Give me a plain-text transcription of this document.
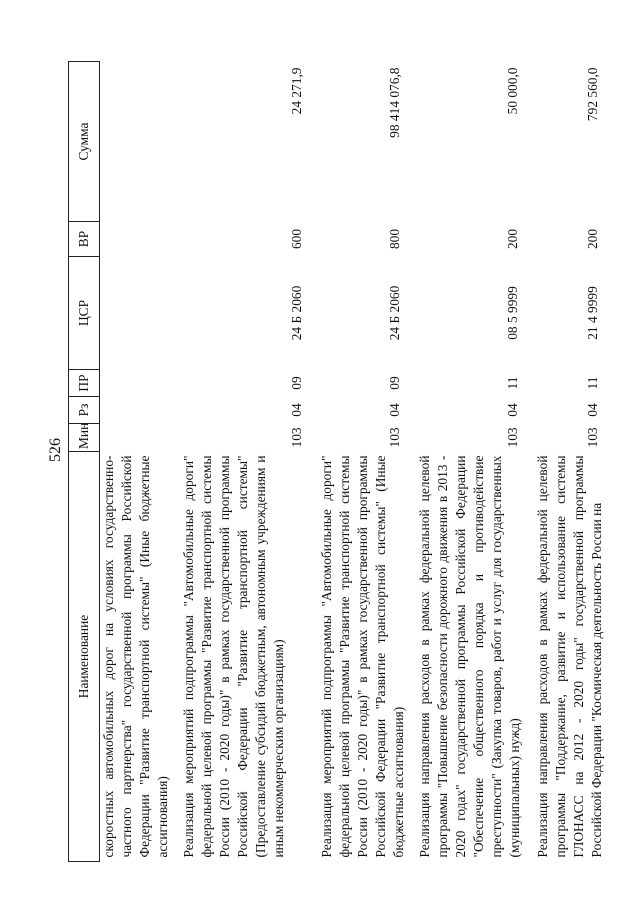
526
Наименование	Мин	Рз	ПР	ЦСР	ВР	Сумма
скоростных автомобильных дорог на условиях государственно-частного партнерства" государственной программы Российской Федерации "Развитие транспортной системы" (Иные бюджетные ассигнования)						
Реализация мероприятий подпрограммы "Автомобильные дороги" федеральной целевой программы "Развитие транспортной системы России (2010 - 2020 годы)" в рамках государственной программы Российской Федерации "Развитие транспортной системы" (Предоставление субсидий бюджетным, автономным учреждениям и иным некоммерческим организациям)	103	04	09	24 Б 2060	600	24 271,9
Реализация мероприятий подпрограммы "Автомобильные дороги" федеральной целевой программы "Развитие транспортной системы России (2010 - 2020 годы)" в рамках государственной программы Российской Федерации "Развитие транспортной системы" (Иные бюджетные ассигнования)	103	04	09	24 Б 2060	800	98 414 076,8
Реализация направления расходов в рамках федеральной целевой программы "Повышение безопасности дорожного движения в 2013 - 2020 годах" государственной программы Российской Федерации "Обеспечение общественного порядка и противодействие преступности" (Закупка товаров, работ и услуг для государственных (муниципальных) нужд)	103	04	11	08 5 9999	200	50 000,0
Реализация направления расходов в рамках федеральной целевой программы "Поддержание, развитие и использование системы ГЛОНАСС на 2012 - 2020 годы" государственной программы Российской Федерации "Космическая деятельность России на	103	04	11	21 4 9999	200	792 560,0
